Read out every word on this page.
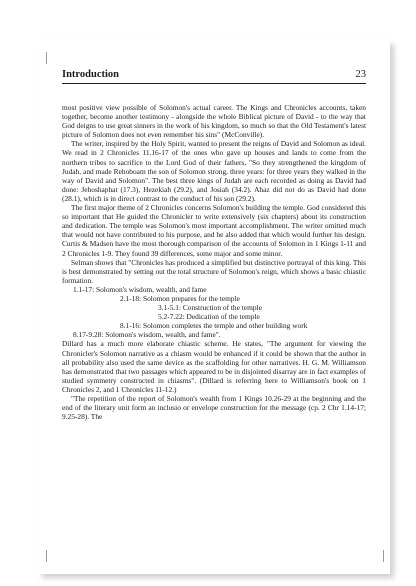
Introduction	23

most positive view possible of Solomon's actual career. The Kings and Chronicles accounts, taken together, become another testimony - alongside the whole Biblical picture of David - to the way that God deigns to use great sinners in the work of his kingdom, so much so that the Old Testament's latest picture of Solomon does not even remember his sins" (McConville).

The writer, inspired by the Holy Spirit, wanted to present the reigns of David and Solomon as ideal. We read in 2 Chronicles 11.16-17 of the ones who gave up houses and lands to come from the northern tribes to sacrifice to the Lord God of their fathers, "So they strengthened the kingdom of Judah, and made Rehoboam the son of Solomon strong, three years: for three years they walked in the way of David and Solomon". The best three kings of Judah are each recorded as doing as David had done: Jehoshaphat (17.3), Hezekiah (29.2), and Josiah (34.2). Ahaz did not do as David had done (28.1), which is in direct contrast to the conduct of his son (29.2).

The first major theme of 2 Chronicles concerns Solomon's building the temple. God considered this so important that He guided the Chronicler to write extensively (six chapters) about its construction and dedication. The temple was Solomon's most important accomplishment. The writer omitted much that would not have contributed to his purpose, and he also added that which would further his design. Curtis & Madsen have the most thorough comparison of the accounts of Solomon in 1 Kings 1-11 and 2 Chronicles 1-9. They found 39 differences, some major and some minor.

Selman shows that "Chronicles has produced a simplified but distinctive portrayal of this king. This is best demonstrated by setting out the total structure of Solomon's reign, which shows a basic chiastic formation.

1.1-17: Solomon's wisdom, wealth, and fame
2.1-18: Solomon prepares for the temple
3.1-5.1: Construction of the temple
5.2-7.22: Dedication of the temple
8.1-16: Solomon completes the temple and other building work
8.17-9.28: Solomon's wisdom, wealth, and fame".

Dillard has a much more elaborate chiastic scheme. He states, "The argument for viewing the Chronicler's Solomon narrative as a chiasm would be enhanced if it could be shown that the author in all probability also used the same device as the scaffolding for other narratives. H. G. M. Williamson has demonstrated that two passages which appeared to be in disjointed disarray are in fact examples of studied symmetry constructed in chiasms". (Dillard is referring here to Williamson's book on 1 Chronicles 2, and 1 Chronicles 11-12.)

"The repetition of the report of Solomon's wealth from 1 Kings 10.26-29 at the beginning and the end of the literary unit form an inclusio or envelope construction for the message (cp. 2 Chr 1.14-17; 9.25-28). The
